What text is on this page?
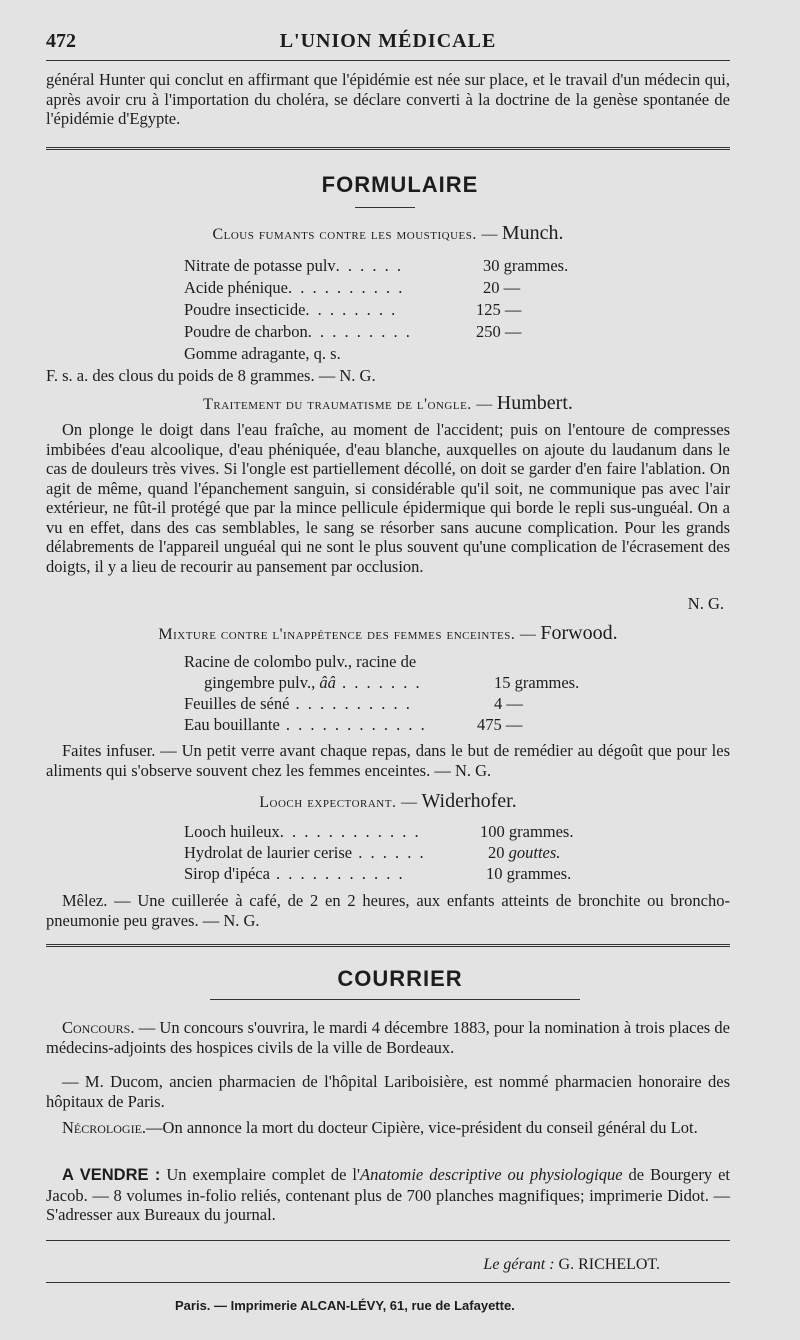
472	L'UNION MÉDICALE
général Hunter qui conclut en affirmant que l'épidémie est née sur place, et le travail d'un médecin qui, après avoir cru à l'importation du choléra, se déclare converti à la doctrine de la genèse spontanée de l'épidémie d'Egypte.
FORMULAIRE
Clous fumants contre les moustiques. — Munch.
Nitrate de potasse pulv. . . . . .	30 grammes.
Acide phénique. . . . . . . . . .	20 —
Poudre insecticide. . . . . . . .	125 —
Poudre de charbon. . . . . . . . .	250 —
Gomme adragante, q. s.
F. s. a. des clous du poids de 8 grammes. — N. G.
Traitement du traumatisme de l'ongle. — Humbert.
On plonge le doigt dans l'eau fraîche, au moment de l'accident; puis on l'entoure de compresses imbibées d'eau alcoolique, d'eau phéniquée, d'eau blanche, auxquelles on ajoute du laudanum dans le cas de douleurs très vives. Si l'ongle est partiellement décollé, on doit se garder d'en faire l'ablation. On agit de même, quand l'épanchement sanguin, si considérable qu'il soit, ne communique pas avec l'air extérieur, ne fût-il protégé que par la mince pellicule épidermique qui borde le repli sus-unguéal. On a vu en effet, dans des cas semblables, le sang se résorber sans aucune complication. Pour les grands délabrements de l'appareil unguéal qui ne sont le plus souvent qu'une complication de l'écrasement des doigts, il y a lieu de recourir au pansement par occlusion.
N. G.
Mixture contre l'inappétence des femmes enceintes. — Forwood.
Racine de colombo pulv., racine de
gingembre pulv., ââ . . . . . . .	15 grammes.
Feuilles de séné . . . . . . . . . .	4 —
Eau bouillante . . . . . . . . . . . .	475 —
Faites infuser. — Un petit verre avant chaque repas, dans le but de remédier au dégoût que pour les aliments qui s'observe souvent chez les femmes enceintes. — N. G.
Looch expectorant. — Widerhofer.
Looch huileux. . . . . . . . . . . .	100 grammes.
Hydrolat de laurier cerise . . . . . .	20 gouttes.
Sirop d'ipéca . . . . . . . . . . .	10 grammes.
Mêlez. — Une cuillerée à café, de 2 en 2 heures, aux enfants atteints de bronchite ou broncho-pneumonie peu graves. — N. G.
COURRIER
Concours. — Un concours s'ouvrira, le mardi 4 décembre 1883, pour la nomination à trois places de médecins-adjoints des hospices civils de la ville de Bordeaux.
— M. Ducom, ancien pharmacien de l'hôpital Lariboisière, est nommé pharmacien honoraire des hôpitaux de Paris.
Nécrologie.—On annonce la mort du docteur Cipière, vice-président du conseil général du Lot.
A VENDRE : Un exemplaire complet de l'Anatomie descriptive ou physiologique de Bourgery et Jacob. — 8 volumes in-folio reliés, contenant plus de 700 planches magnifiques; imprimerie Didot. — S'adresser aux Bureaux du journal.
Le gérant : G. RICHELOT.
Paris. — Imprimerie ALCAN-LÉVY, 61, rue de Lafayette.
